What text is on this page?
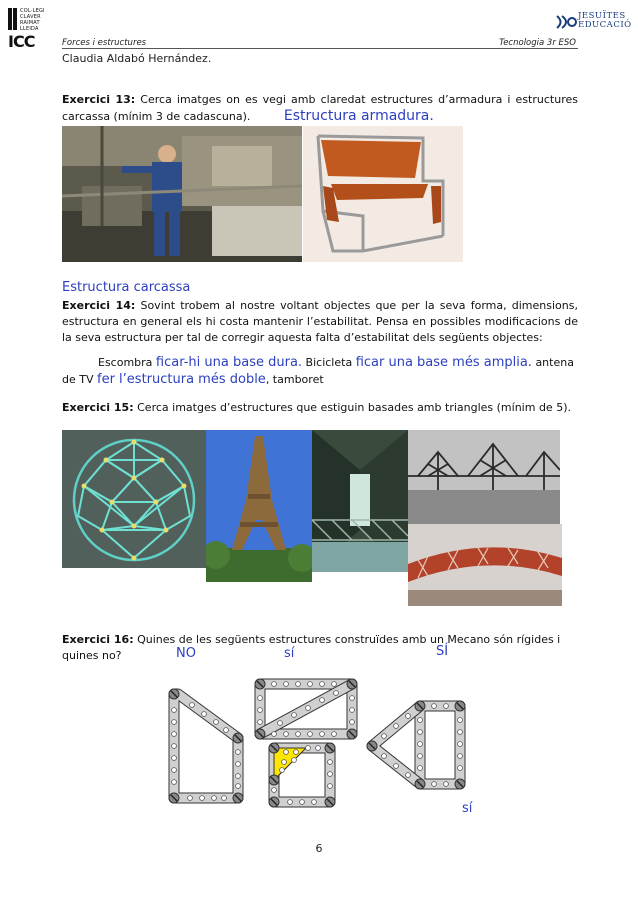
COL·LEGI
CLAVER
RAIMAT
LLEIDA
ICC
JESUÏTES
EDUCACIÓ
Forces i estructures	Tecnologia 3r ESO
Claudia Aldabó Hernández.
Exercici 13: Cerca imatges on es vegi amb claredat estructures d’armadura i estructures carcassa (mínim 3 de cadascuna). Estructura armadura.
Estructura carcassa
Exercici 14: Sovint trobem al nostre voltant objectes que per la seva forma, dimensions, estructura en general els hi costa mantenir l’estabilitat. Pensa en possibles modificacions de la seva estructura per tal de corregir aquesta falta d’estabilitat dels següents objectes:
Escombra ficar-hi una base dura. Bicicleta ficar una base més amplia. antena
de TV fer l’estructura més doble, tamboret
Exercici 15: Cerca imatges d’estructures que estiguin basades amb triangles (mínim de 5).
Exercici 16: Quines de les següents estructures construïdes amb un Mecano són rígides i
quines no?	NO	sí	SÍ
sí
6
